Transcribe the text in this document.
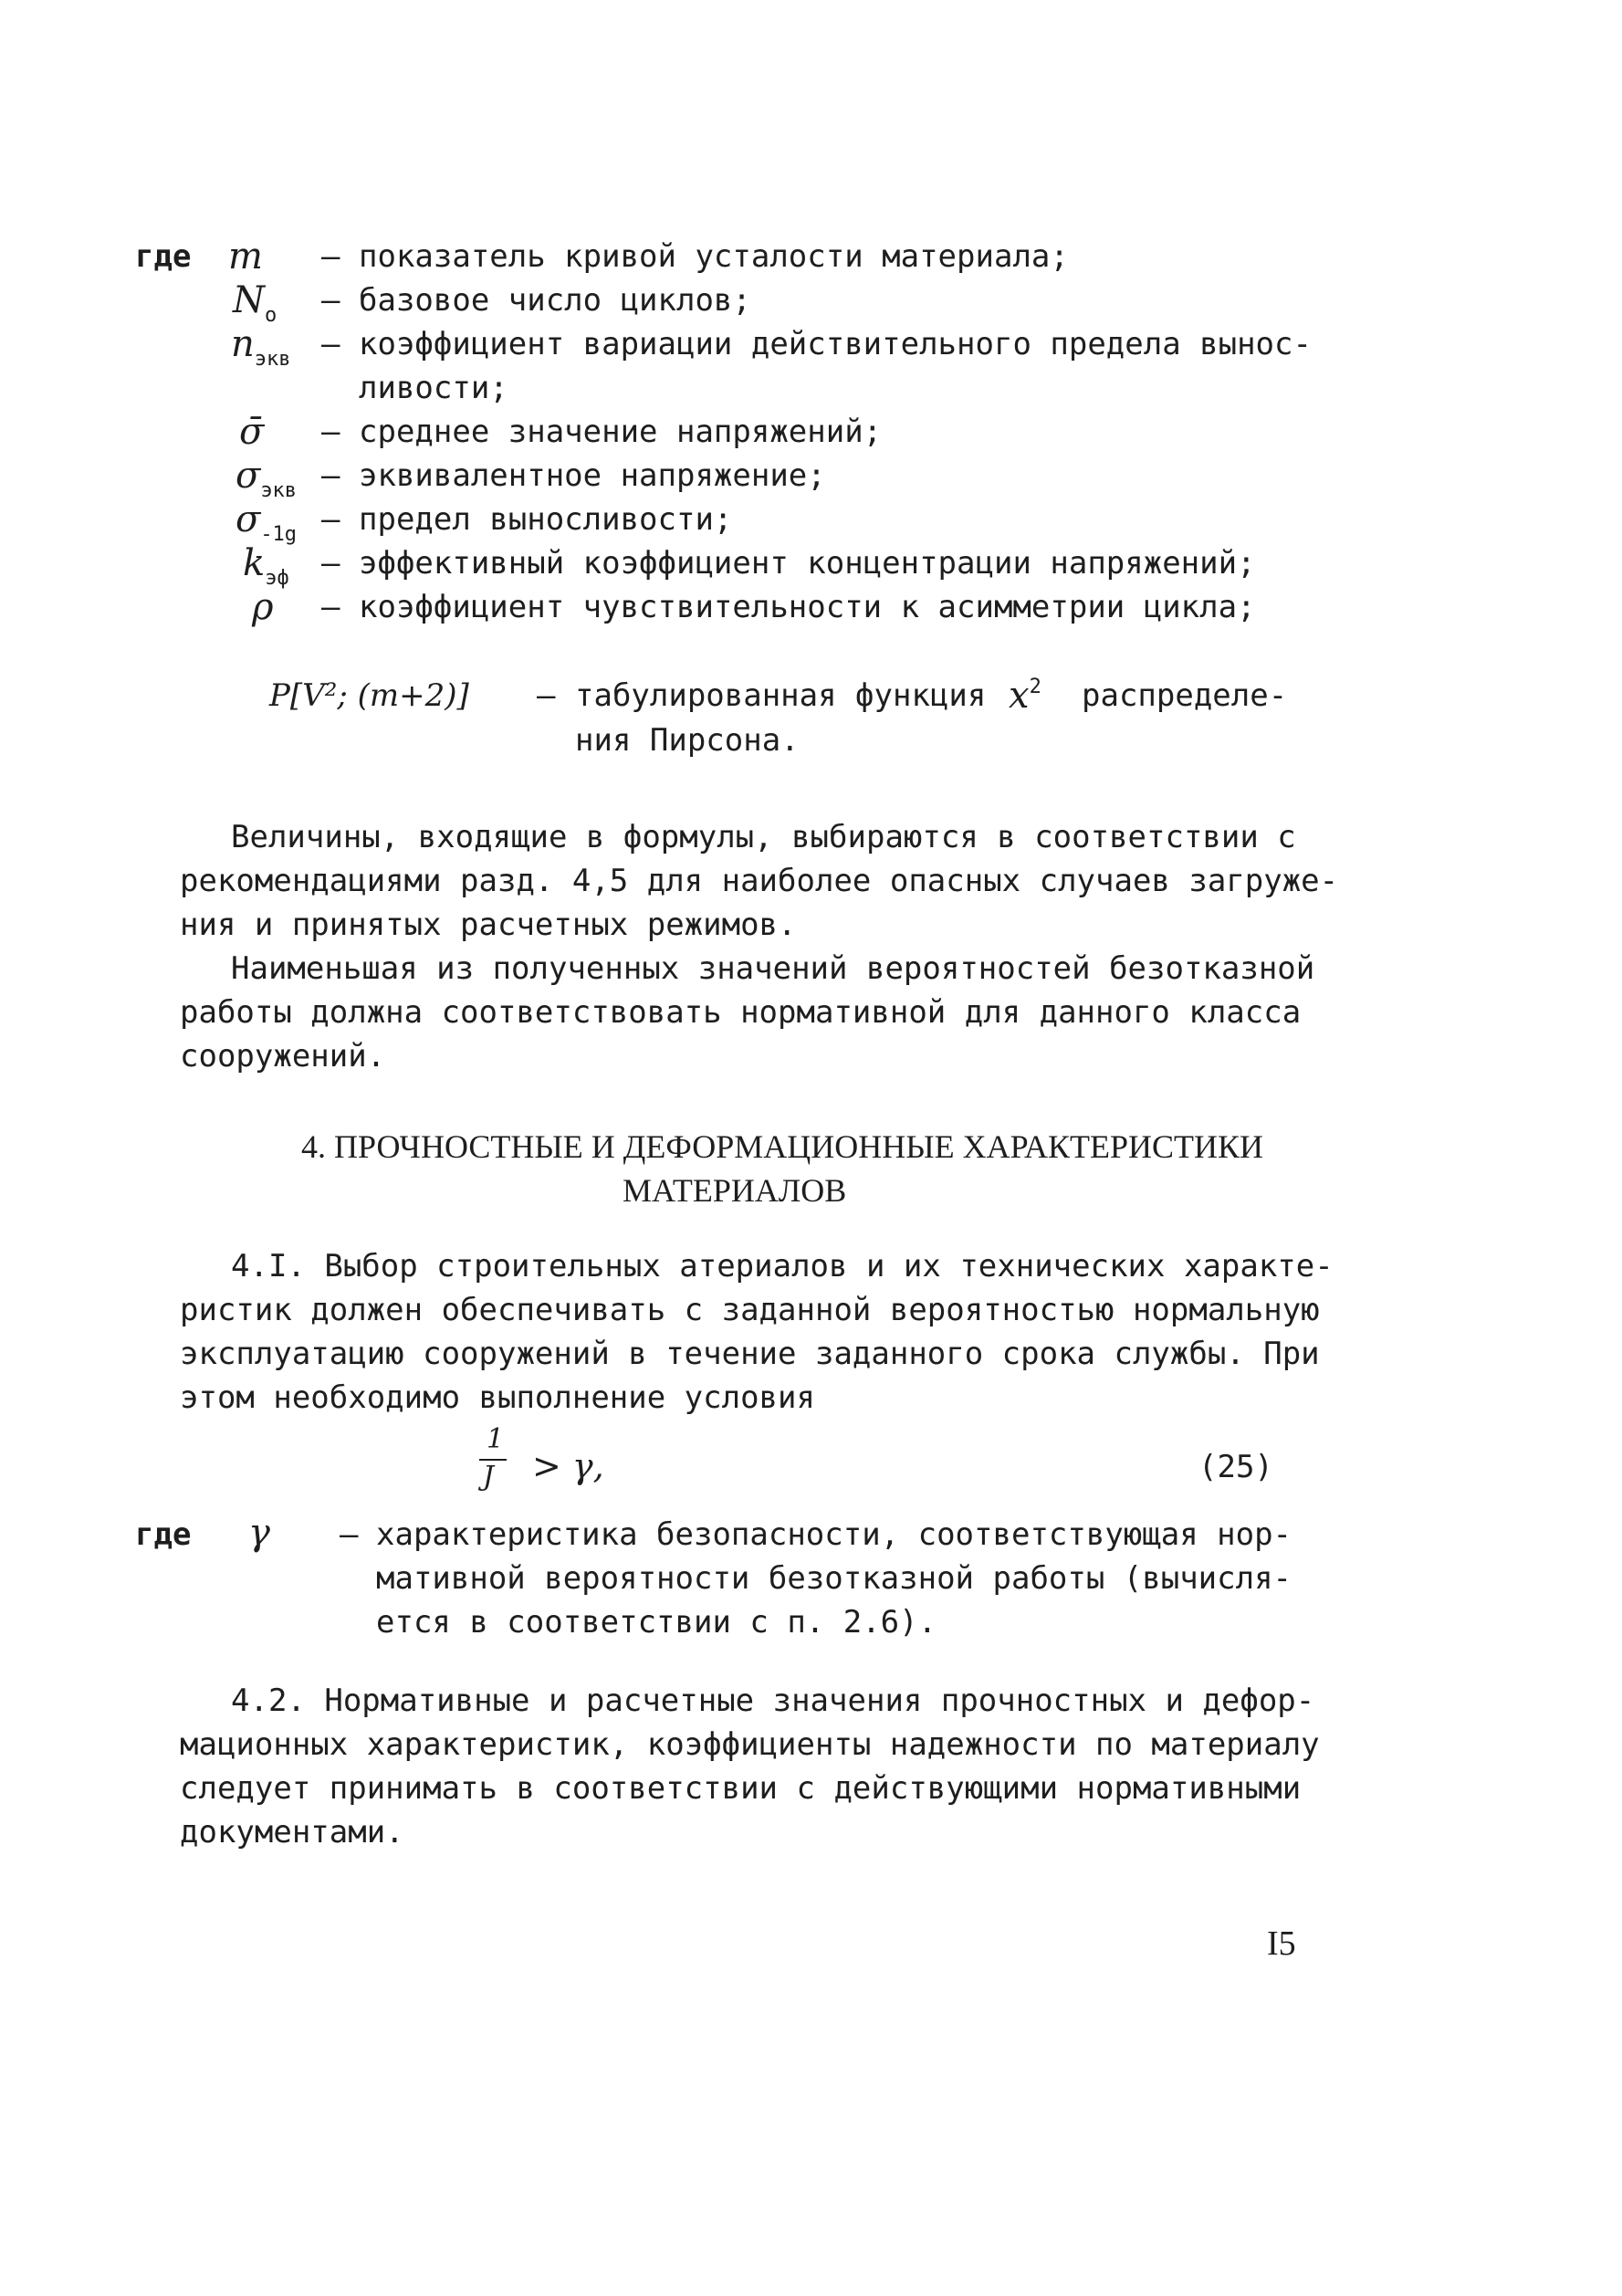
где m – показатель кривой усталости материала;
$N_o$ – базовое число циклов;
$n_{экв}$ – коэффициент вариации действительного предела вынос-
ливости;
σ̄ – среднее значение напряжений;
$\sigma_{экв}$ – эквивалентное напряжение;
$\sigma_{-1g}$ – предел выносливости;
$k_{эф}$ – эффективный коэффициент концентрации напряжений;
ρ – коэффициент чувствительности к асимметрии цикла;
P[V²; (m+2)] – табулированная функция $x^2$ распределе-
ния Пирсона.
Величины, входящие в формулы, выбираются в соответствии с
рекомендациями разд. 4,5 для наиболее опасных случаев загруже-
ния и принятых расчетных режимов.
Наименьшая из полученных значений вероятностей безотказной
работы должна соответствовать нормативной для данного класса
сооружений.
4. ПРОЧНОСТНЫЕ И ДЕФОРМАЦИОННЫЕ ХАРАКТЕРИСТИКИ
МАТЕРИАЛОВ
4.I. Выбор строительных атериалов и их технических характе-
ристик должен обеспечивать с заданной вероятностью нормальную
эксплуатацию сооружений в течение заданного срока службы. При
этом необходимо выполнение условия
1
J > γ,	(25)
где γ – характеристика безопасности, соответствующая нор-
мативной вероятности безотказной работы (вычисля-
ется в соответствии с п. 2.6).
4.2. Нормативные и расчетные значения прочностных и дефор-
мационных характеристик, коэффициенты надежности по материалу
следует принимать в соответствии с действующими нормативными
документами.
I5
